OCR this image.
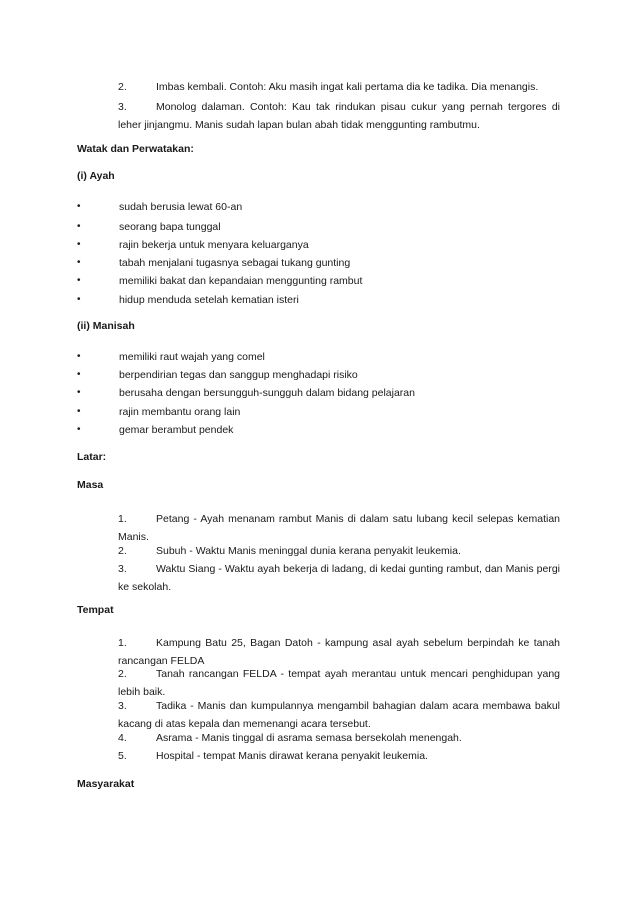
2.	Imbas kembali. Contoh: Aku masih ingat kali pertama dia ke tadika. Dia menangis.
3.	Monolog dalaman. Contoh: Kau tak rindukan pisau cukur yang pernah tergores di leher jinjangmu. Manis sudah lapan bulan abah tidak menggunting rambutmu.
Watak dan Perwatakan:
(i) Ayah
•	sudah berusia lewat 60-an
•	seorang bapa tunggal
•	rajin bekerja untuk menyara keluarganya
•	tabah menjalani tugasnya sebagai tukang gunting
•	memiliki bakat dan kepandaian menggunting rambut
•	hidup menduda setelah kematian isteri
(ii) Manisah
•	memiliki raut wajah yang comel
•	berpendirian tegas dan sanggup menghadapi risiko
•	berusaha dengan bersungguh-sungguh dalam bidang pelajaran
•	rajin membantu orang lain
•	gemar berambut pendek
Latar:
Masa
1.	Petang - Ayah menanam rambut Manis di dalam satu lubang kecil selepas kematian Manis.
2.	Subuh - Waktu Manis meninggal dunia kerana penyakit leukemia.
3.	Waktu Siang - Waktu ayah bekerja di ladang, di kedai gunting rambut, dan Manis pergi ke sekolah.
Tempat
1.	Kampung Batu 25, Bagan Datoh - kampung asal ayah sebelum berpindah ke tanah rancangan FELDA
2.	Tanah rancangan FELDA - tempat ayah merantau untuk mencari penghidupan yang lebih baik.
3.	Tadika - Manis dan kumpulannya mengambil bahagian dalam acara membawa bakul kacang di atas kepala dan memenangi acara tersebut.
4.	Asrama - Manis tinggal di asrama semasa bersekolah menengah.
5.	Hospital - tempat Manis dirawat kerana penyakit leukemia.
Masyarakat
